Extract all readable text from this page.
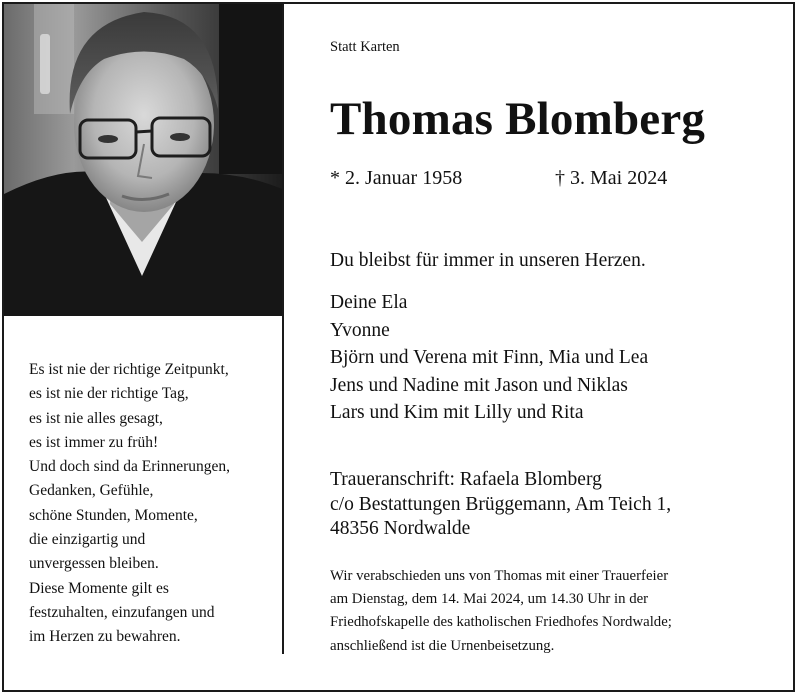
Es ist nie der richtige Zeitpunkt,
es ist nie der richtige Tag,
es ist nie alles gesagt,
es ist immer zu früh!
Und doch sind da Erinnerungen,
Gedanken, Gefühle,
schöne Stunden, Momente,
die einzigartig und
unvergessen bleiben.
Diese Momente gilt es
festzuhalten, einzufangen und
im Herzen zu bewahren.
Statt Karten
Thomas Blomberg
* 2. Januar 1958	† 3. Mai 2024
Du bleibst für immer in unseren Herzen.
Deine Ela
Yvonne
Björn und Verena mit Finn, Mia und Lea
Jens und Nadine mit Jason und Niklas
Lars und Kim mit Lilly und Rita
Traueranschrift: Rafaela Blomberg
c/o Bestattungen Brüggemann, Am Teich 1,
48356 Nordwalde
Wir verabschieden uns von Thomas mit einer Trauerfeier
am Dienstag, dem 14. Mai 2024, um 14.30 Uhr in der
Friedhofskapelle des katholischen Friedhofes Nordwalde;
anschließend ist die Urnenbeisetzung.
